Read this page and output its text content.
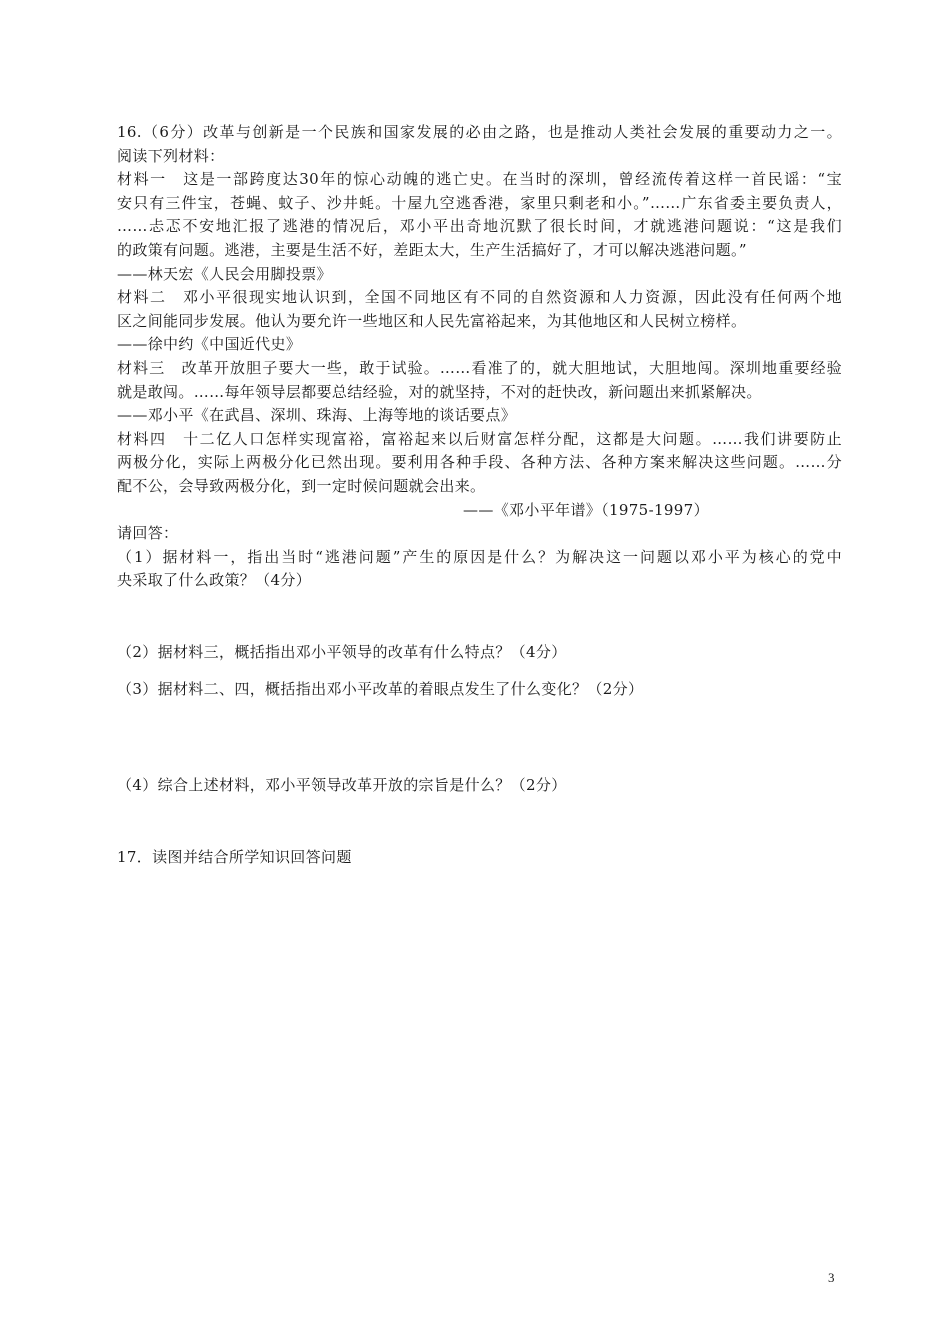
16.（6分）改革与创新是一个民族和国家发展的必由之路，也是推动人类社会发展的重要动力之一。
阅读下列材料：
材料一　这是一部跨度达30年的惊心动魄的逃亡史。在当时的深圳，曾经流传着这样一首民谣：“宝
安只有三件宝，苍蝇、蚊子、沙井蚝。十屋九空逃香港，家里只剩老和小。”……广东省委主要负责人，
……忐忑不安地汇报了逃港的情况后，邓小平出奇地沉默了很长时间，才就逃港问题说：“这是我们
的政策有问题。逃港，主要是生活不好，差距太大，生产生活搞好了，才可以解决逃港问题。”
——林天宏《人民会用脚投票》
材料二　邓小平很现实地认识到，全国不同地区有不同的自然资源和人力资源，因此没有任何两个地
区之间能同步发展。他认为要允许一些地区和人民先富裕起来，为其他地区和人民树立榜样。
——徐中约《中国近代史》
材料三　改革开放胆子要大一些，敢于试验。……看准了的，就大胆地试，大胆地闯。深圳地重要经验
就是敢闯。……每年领导层都要总结经验，对的就坚持，不对的赶快改，新问题出来抓紧解决。
——邓小平《在武昌、深圳、珠海、上海等地的谈话要点》
材料四　十二亿人口怎样实现富裕，富裕起来以后财富怎样分配，这都是大问题。……我们讲要防止
两极分化，实际上两极分化已然出现。要利用各种手段、各种方法、各种方案来解决这些问题。……分
配不公，会导致两极分化，到一定时候问题就会出来。
——《邓小平年谱》（1975-1997）
请回答：
（1）据材料一，指出当时“逃港问题”产生的原因是什么？为解决这一问题以邓小平为核心的党中
央采取了什么政策？（4分）
（2）据材料三，概括指出邓小平领导的改革有什么特点？（4分）
（3）据材料二、四，概括指出邓小平改革的着眼点发生了什么变化？（2分）
（4）综合上述材料，邓小平领导改革开放的宗旨是什么？（2分）
17．读图并结合所学知识回答问题
3
